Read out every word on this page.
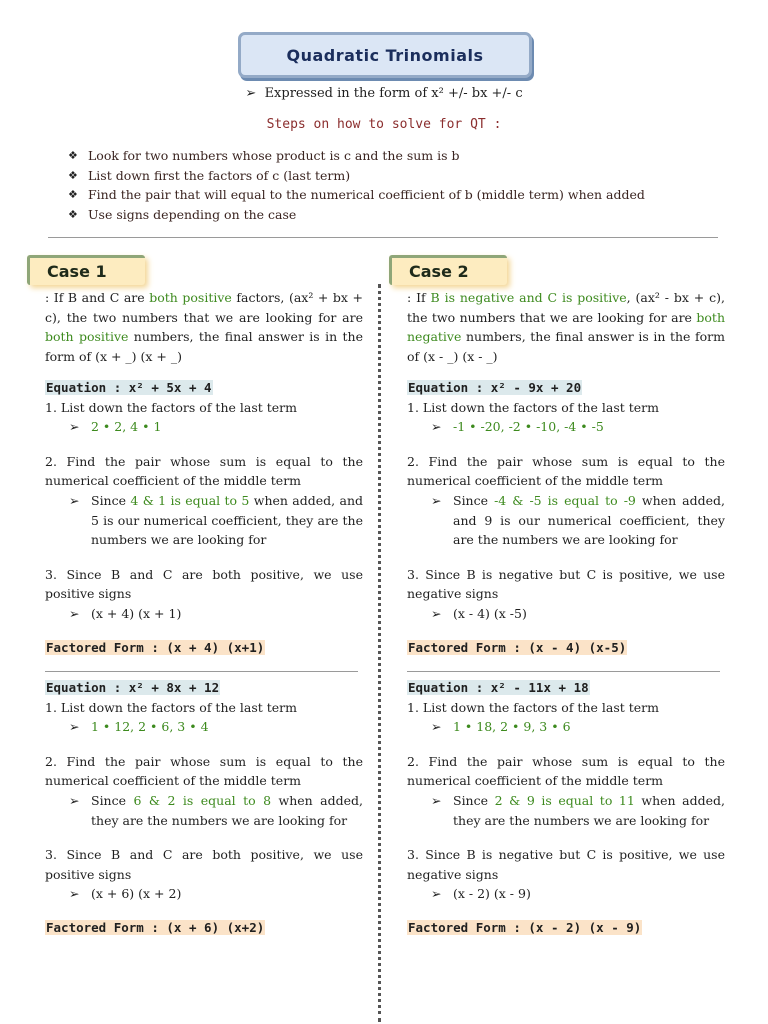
Quadratic Trinomials
➢  Expressed in the form of x² +/- bx +/- c
Steps on how to solve for QT :
❖ Look for two numbers whose product is c and the sum is b
❖ List down first the factors of c (last term)
❖ Find the pair that will equal to the numerical coefficient of b (middle term) when added
❖ Use signs depending on the case
Case 1
: If B and C are both positive factors, (ax² + bx + c), the two numbers that we are looking for are both positive numbers, the final answer is in the form of (x + _) (x + _)
Equation : x² + 5x + 4
1. List down the factors of the last term
➢ 2 • 2, 4 • 1
2. Find the pair whose sum is equal to the numerical coefficient of the middle term
➢ Since 4 & 1 is equal to 5 when added, and 5 is our numerical coefficient, they are the numbers we are looking for
3. Since B and C are both positive, we use positive signs
➢ (x + 4) (x + 1)
Factored Form : (x + 4) (x+1)
Equation : x² + 8x + 12
1. List down the factors of the last term
➢ 1 • 12, 2 • 6, 3 • 4
2. Find the pair whose sum is equal to the numerical coefficient of the middle term
➢ Since 6 & 2 is equal to 8 when added, they are the numbers we are looking for
3. Since B and C are both positive, we use positive signs
➢ (x + 6) (x + 2)
Factored Form : (x + 6) (x+2)
Case 2
: If B is negative and C is positive, (ax² - bx + c), the two numbers that we are looking for are both negative numbers, the final answer is in the form of (x - _) (x - _)
Equation : x² - 9x + 20
1. List down the factors of the last term
➢ -1 • -20, -2 • -10, -4 • -5
2. Find the pair whose sum is equal to the numerical coefficient of the middle term
➢ Since -4 & -5 is equal to -9 when added, and 9 is our numerical coefficient, they are the numbers we are looking for
3. Since B is negative but C is positive, we use negative signs
➢ (x - 4) (x -5)
Factored Form : (x - 4) (x-5)
Equation : x² - 11x + 18
1. List down the factors of the last term
➢ 1 • 18, 2 • 9, 3 • 6
2. Find the pair whose sum is equal to the numerical coefficient of the middle term
➢ Since 2 & 9 is equal to 11 when added, they are the numbers we are looking for
3. Since B is negative but C is positive, we use negative signs
➢ (x - 2) (x - 9)
Factored Form : (x - 2) (x - 9)
